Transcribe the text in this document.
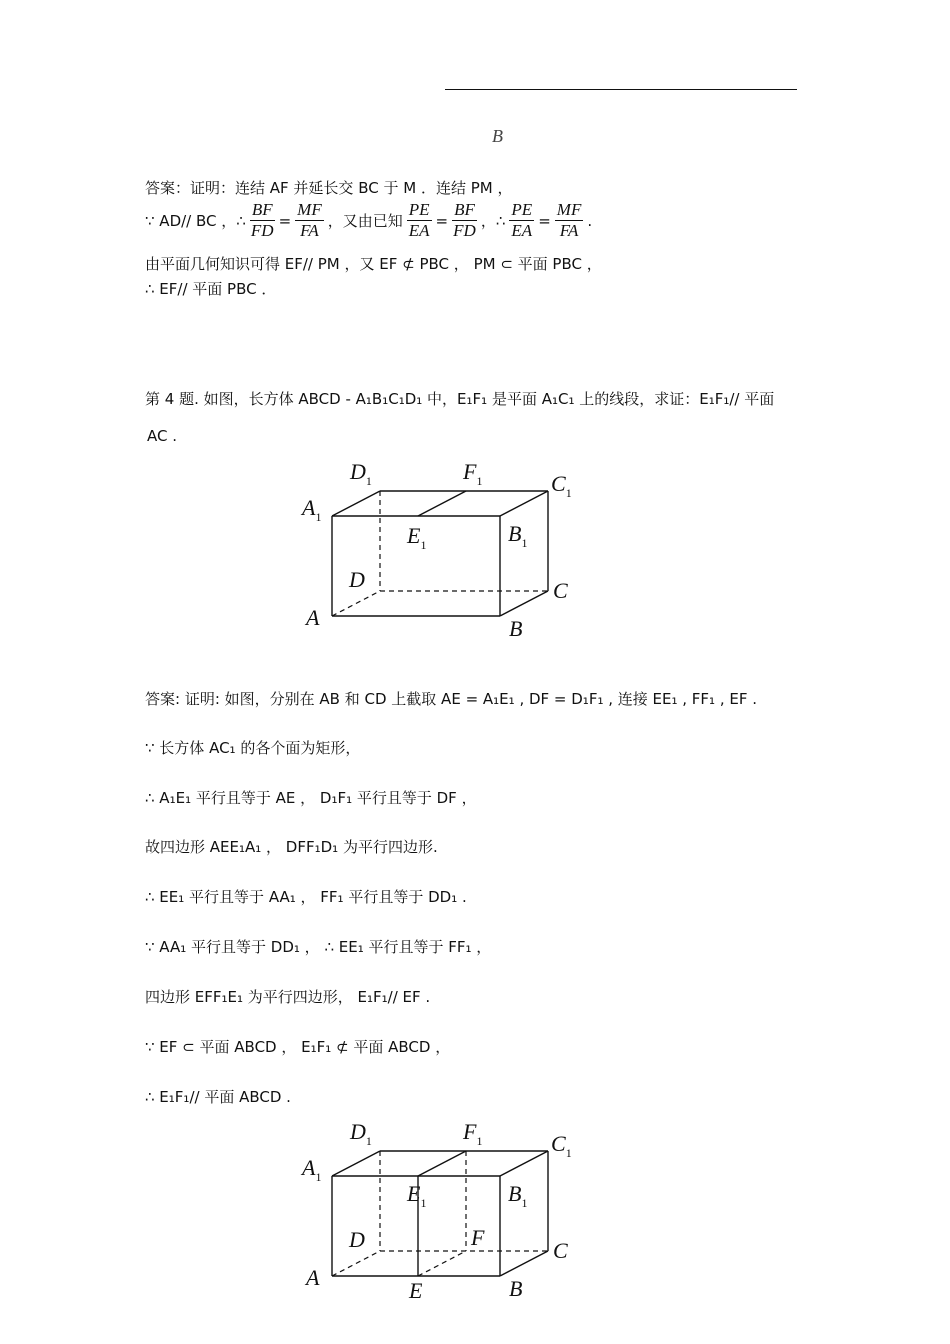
B
答案：证明：连结 AF 并延长交 BC 于 M ．连结 PM ，
∵ AD// BC ，∴ $\frac{BF}{FD} = \frac{MF}{FA}$ ，又由已知 $\frac{PE}{EA} = \frac{BF}{FD}$ ，∴ $\frac{PE}{EA} = \frac{MF}{FA}$ .
由平面几何知识可得 EF// PM ，又 EF ⊄ PBC ， PM ⊂ 平面 PBC ，
∴ EF// 平面 PBC ．
第 4 题. 如图，长方体 ABCD - A₁B₁C₁D₁ 中，E₁F₁ 是平面 A₁C₁ 上的线段，求证：E₁F₁// 平面
AC .
$D_1$	$F_1$	$C_1$
$A_1$
$E_1$	$B_1$
D	C
A	B
答案: 证明: 如图，分别在 AB 和 CD 上截取 AE = A₁E₁ , DF = D₁F₁ , 连接 EE₁ , FF₁ , EF .
∵ 长方体 AC₁ 的各个面为矩形，
∴ A₁E₁ 平行且等于 AE ， D₁F₁ 平行且等于 DF ，
故四边形 AEE₁A₁ ， DFF₁D₁ 为平行四边形.
∴ EE₁ 平行且等于 AA₁ ， FF₁ 平行且等于 DD₁ .
∵ AA₁ 平行且等于 DD₁ ， ∴ EE₁ 平行且等于 FF₁ ，
四边形 EFF₁E₁ 为平行四边形， E₁F₁// EF .
∵ EF ⊂ 平面 ABCD ， E₁F₁ ⊄ 平面 ABCD ，
∴ E₁F₁// 平面 ABCD .
$D_1$	$F_1$	$C_1$
$A_1$
$E_1$	$B_1$
D	F
C
A
E	B
